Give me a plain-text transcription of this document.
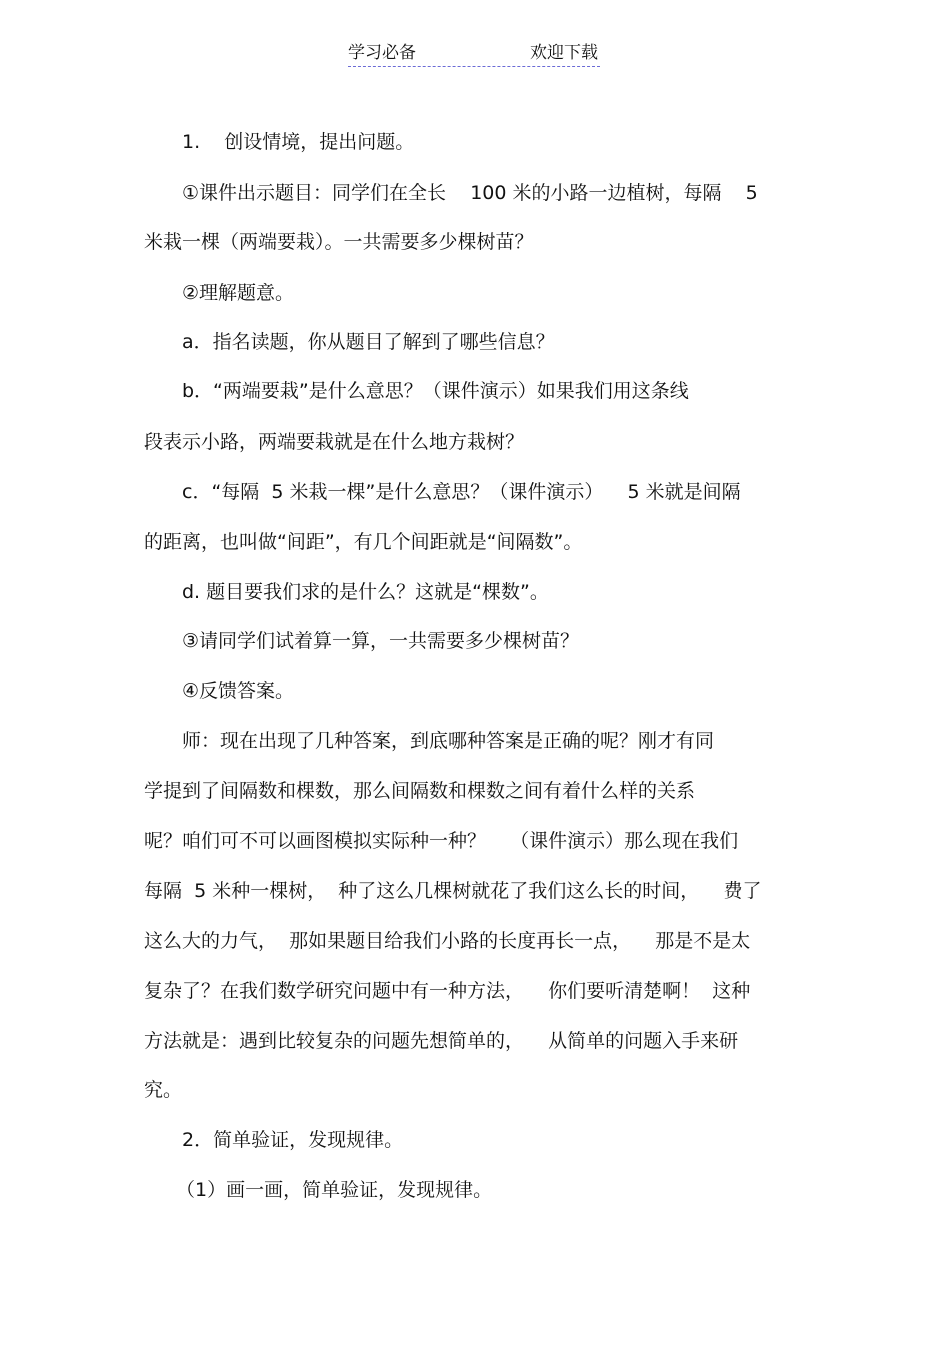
学习必备	欢迎下载
1.    创设情境，提出问题。
①课件出示题目：同学们在全长    100 米的小路一边植树，每隔    5
米栽一棵（两端要栽）。一共需要多少棵树苗？
②理解题意。
a．指名读题，你从题目了解到了哪些信息？
b．“两端要栽”是什么意思？（课件演示）如果我们用这条线
段表示小路，两端要栽就是在什么地方栽树？
c．“每隔  5 米栽一棵”是什么意思？（课件演示）    5 米就是间隔
的距离，也叫做“间距”，有几个间距就是“间隔数”。
d. 题目要我们求的是什么？这就是“棵数”。
③请同学们试着算一算，一共需要多少棵树苗？
④反馈答案。
师：现在出现了几种答案，到底哪种答案是正确的呢？刚才有同
学提到了间隔数和棵数，那么间隔数和棵数之间有着什么样的关系
呢？咱们可不可以画图模拟实际种一种？    （课件演示）那么现在我们
每隔  5 米种一棵树，  种了这么几棵树就花了我们这么长的时间，    费了
这么大的力气，  那如果题目给我们小路的长度再长一点，    那是不是太
复杂了？在我们数学研究问题中有一种方法，    你们要听清楚啊！  这种
方法就是：遇到比较复杂的问题先想简单的，    从简单的问题入手来研
究。
2．简单验证，发现规律。
（1）画一画，简单验证，发现规律。
